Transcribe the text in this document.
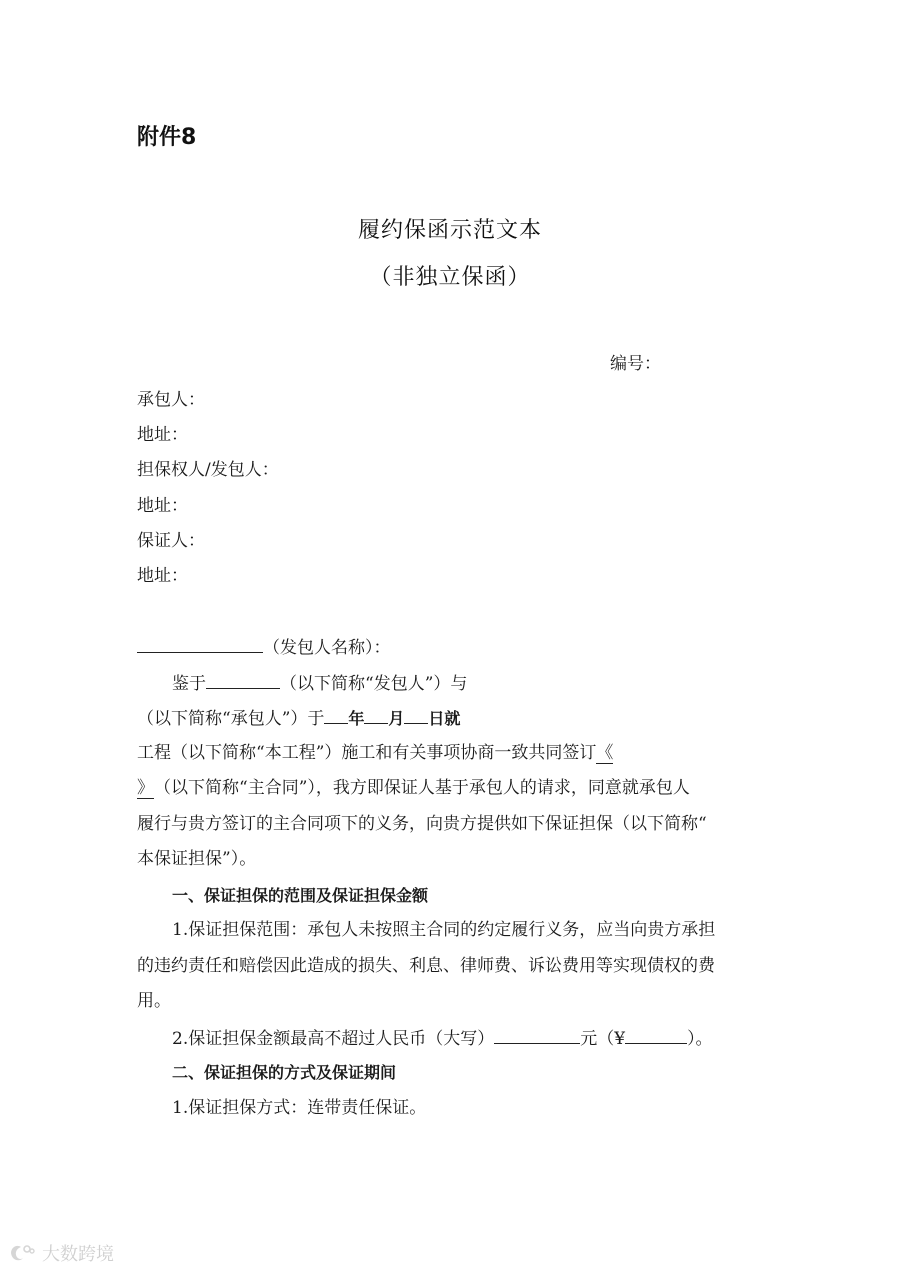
附件8
履约保函示范文本
（非独立保函）
编号：
承包人：
地址：
担保权人/发包人：
地址：
保证人：
地址：
（发包人名称）：
鉴于	（以下简称“发包人”）与
（以下简称“承包人”）于 年 月 日就
工程（以下简称“本工程”）施工和有关事项协商一致共同签订《
》（以下简称“主合同”），我方即保证人基于承包人的请求，同意就承包人
履行与贵方签订的主合同项下的义务，向贵方提供如下保证担保（以下简称“
本保证担保”）。
一、保证担保的范围及保证担保金额
1.保证担保范围：承包人未按照主合同的约定履行义务，应当向贵方承担
的违约责任和赔偿因此造成的损失、利息、律师费、诉讼费用等实现债权的费
用。
2.保证担保金额最高不超过人民币（大写）	元（¥	）。
二、保证担保的方式及保证期间
1.保证担保方式：连带责任保证。
大数跨境
